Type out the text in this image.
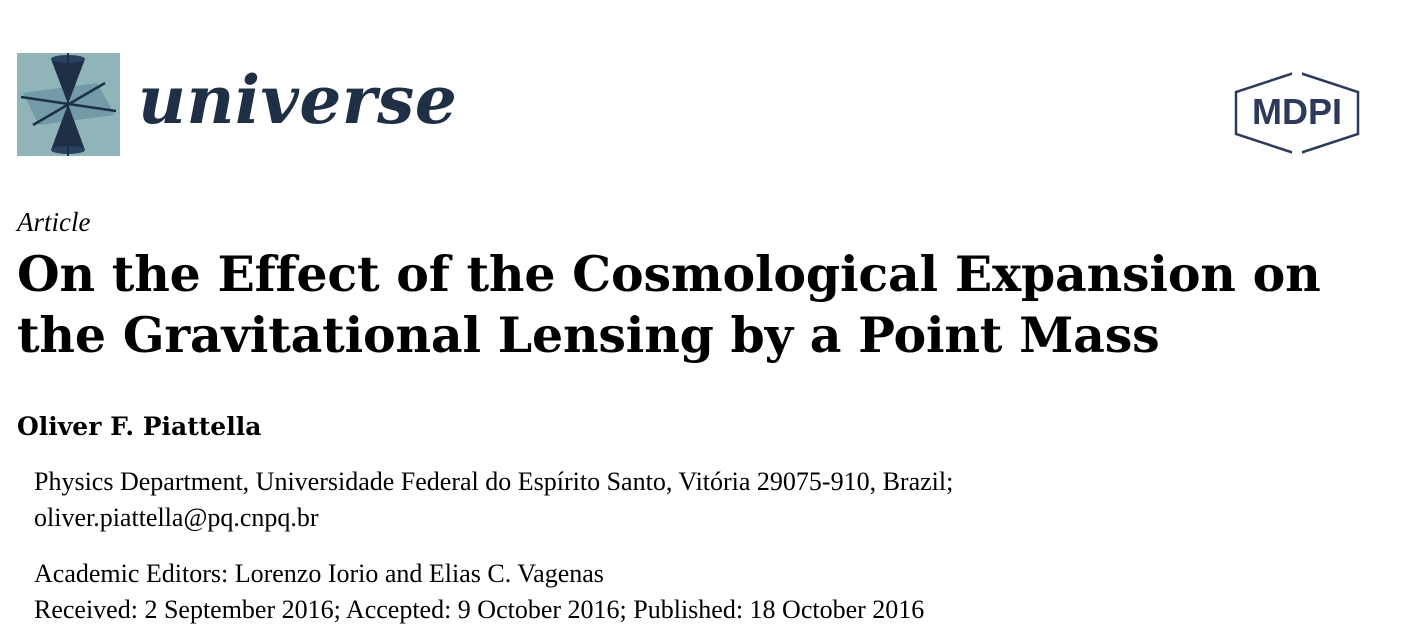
universe	MDPI
Article
On the Effect of the Cosmological Expansion on the Gravitational Lensing by a Point Mass
Oliver F. Piattella
Physics Department, Universidade Federal do Espírito Santo, Vitória 29075-910, Brazil;
oliver.piattella@pq.cnpq.br
Academic Editors: Lorenzo Iorio and Elias C. Vagenas
Received: 2 September 2016; Accepted: 9 October 2016; Published: 18 October 2016
